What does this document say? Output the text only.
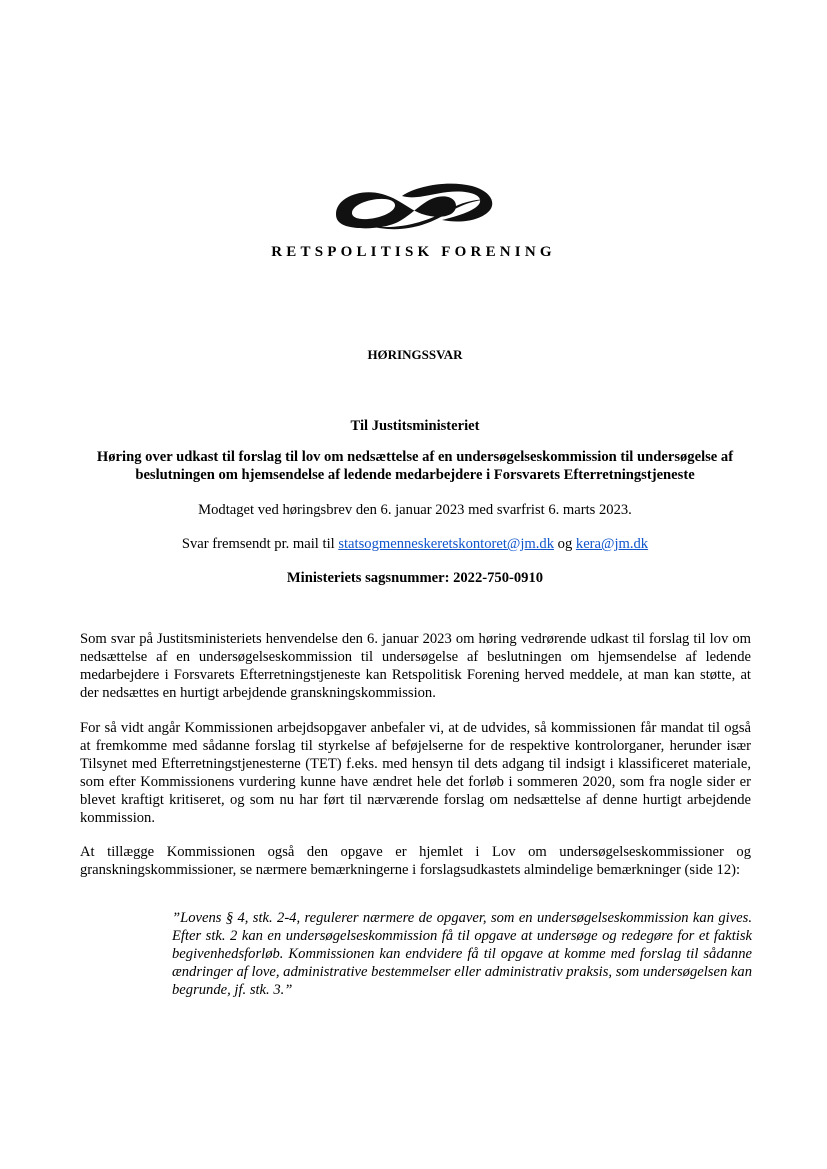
RETSPOLITISK FORENING
HØRINGSSVAR
Til Justitsministeriet
Høring over udkast til forslag til lov om nedsættelse af en undersøgelseskommission til undersøgelse af beslutningen om hjemsendelse af ledende medarbejdere i Forsvarets Efterretningstjeneste
Modtaget ved høringsbrev den 6. januar 2023 med svarfrist 6. marts 2023.
Svar fremsendt pr. mail til statsogmenneskeretskontoret@jm.dk og kera@jm.dk
Ministeriets sagsnummer: 2022-750-0910
Som svar på Justitsministeriets henvendelse den 6. januar 2023 om høring vedrørende udkast til forslag til lov om nedsættelse af en undersøgelseskommission til undersøgelse af beslutningen om hjemsendelse af ledende medarbejdere i Forsvarets Efterretningstjeneste kan Retspolitisk Forening herved meddele, at man kan støtte, at der nedsættes en hurtigt arbejdende granskningskommission.
For så vidt angår Kommissionen arbejdsopgaver anbefaler vi, at de udvides, så kommissionen får mandat til også at fremkomme med sådanne forslag til styrkelse af beføjelserne for de respektive kontrolorganer, herunder især Tilsynet med Efterretningstjenesterne (TET) f.eks. med hensyn til dets adgang til indsigt i klassificeret materiale, som efter Kommissionens vurdering kunne have ændret hele det forløb i sommeren 2020, som fra nogle sider er blevet kraftigt kritiseret, og som nu har ført til nærværende forslag om nedsættelse af denne hurtigt arbejdende kommission.
At tillægge Kommissionen også den opgave er hjemlet i Lov om undersøgelseskommissioner og granskningskommissioner, se nærmere bemærkningerne i forslagsudkastets almindelige bemærkninger (side 12):
”Lovens § 4, stk. 2-4, regulerer nærmere de opgaver, som en undersøgelseskommission kan gives. Efter stk. 2 kan en undersøgelseskommission få til opgave at undersøge og redegøre for et faktisk begivenhedsforløb. Kommissionen kan endvidere få til opgave at komme med forslag til sådanne ændringer af love, administrative bestemmelser eller administrativ praksis, som undersøgelsen kan begrunde, jf. stk. 3.”
